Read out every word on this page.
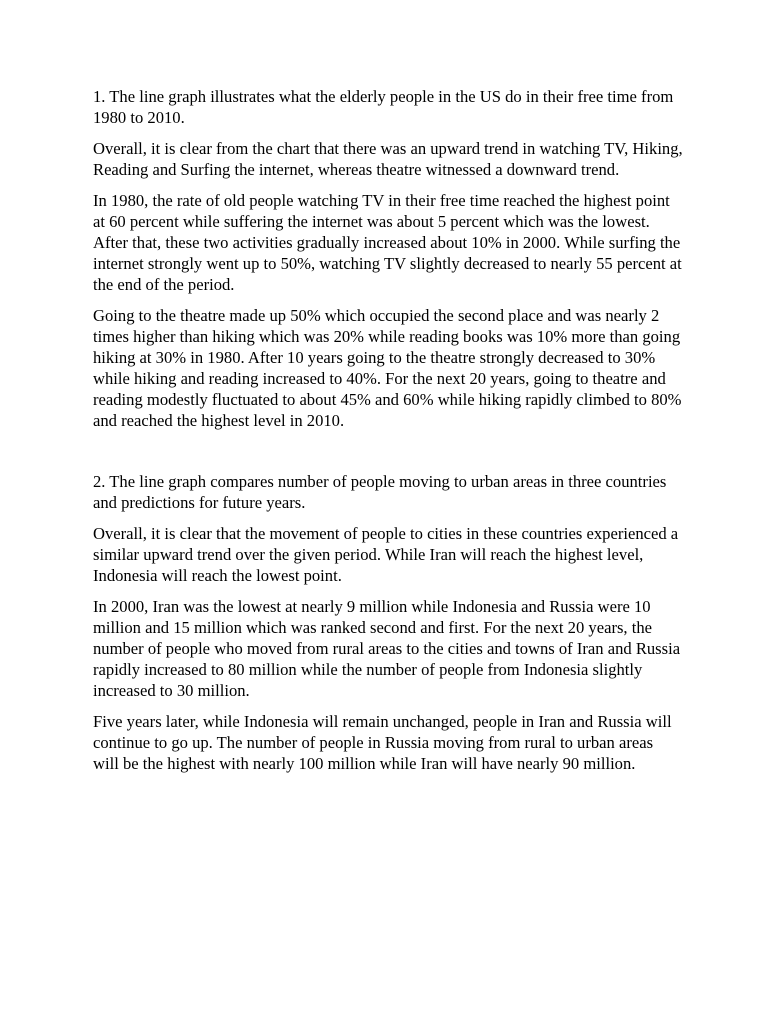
1. The line graph illustrates what the elderly people in the US do in their free time from 1980 to 2010.

Overall, it is clear from the chart that there was an upward trend in watching TV, Hiking, Reading and Surfing the internet, whereas theatre witnessed a downward trend.

In 1980, the rate of old people watching TV in their free time reached the highest point at 60 percent while suffering the internet was about 5 percent which was the lowest. After that, these two activities gradually increased about 10% in 2000. While surfing the internet strongly went up to 50%, watching TV slightly decreased to nearly 55 percent at the end of the period.

Going to the theatre made up 50% which occupied the second place and was nearly 2 times higher than hiking which was 20% while reading books was 10% more than going hiking at 30% in 1980. After 10 years going to the theatre strongly decreased to 30% while hiking and reading increased to 40%. For the next 20 years, going to theatre and reading modestly fluctuated to about 45% and 60% while hiking rapidly climbed to 80% and reached the highest level in 2010.

2. The line graph compares number of people moving to urban areas in three countries and predictions for future years.

Overall, it is clear that the movement of people to cities in these countries experienced a similar upward trend over the given period. While Iran will reach the highest level, Indonesia will reach the lowest point.

In 2000, Iran was the lowest at nearly 9 million while Indonesia and Russia were 10 million and 15 million which was ranked second and first. For the next 20 years, the number of people who moved from rural areas to the cities and towns of Iran and Russia rapidly increased to 80 million while the number of people from Indonesia slightly increased to 30 million.

Five years later, while Indonesia will remain unchanged, people in Iran and Russia will continue to go up. The number of people in Russia moving from rural to urban areas will be the highest with nearly 100 million while Iran will have nearly 90 million.
